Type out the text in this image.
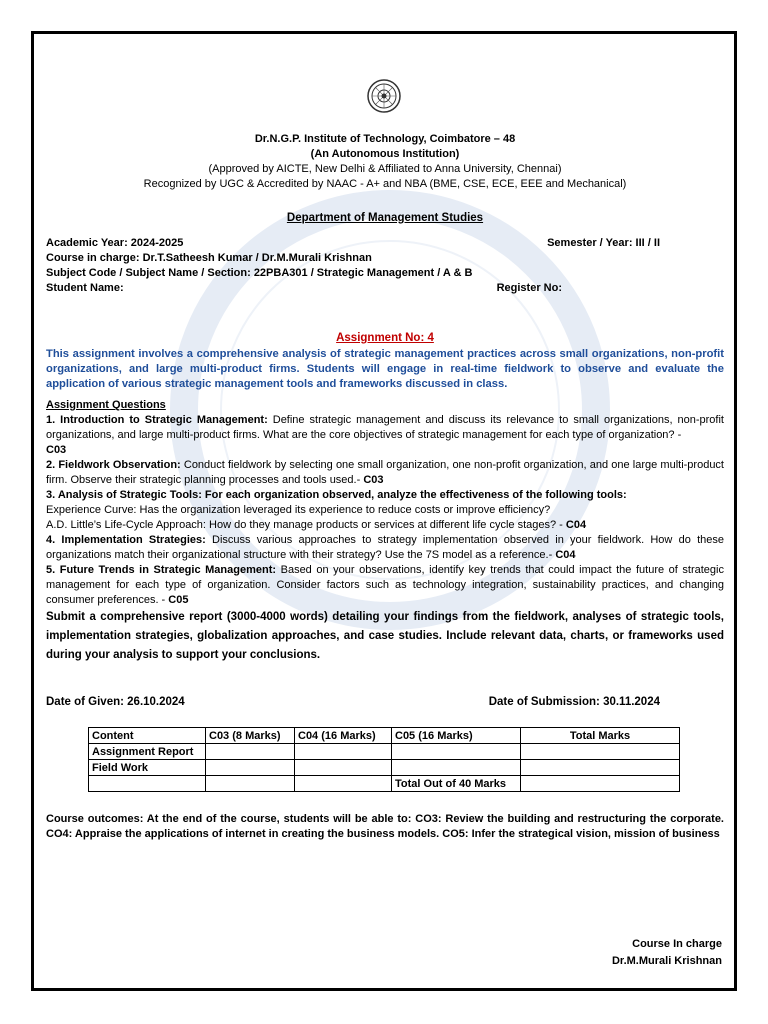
Dr.N.G.P. Institute of Technology, Coimbatore – 48
(An Autonomous Institution)
(Approved by AICTE, New Delhi & Affiliated to Anna University, Chennai)
Recognized by UGC & Accredited by NAAC - A+ and NBA (BME, CSE, ECE, EEE and Mechanical)
Department of Management Studies
Academic Year: 2024-2025	Semester / Year: III / II
Course in charge: Dr.T.Satheesh Kumar / Dr.M.Murali Krishnan
Subject Code / Subject Name / Section: 22PBA301 / Strategic Management / A & B
Student Name:	Register No:
Assignment No: 4
This assignment involves a comprehensive analysis of strategic management practices across small organizations, non-profit organizations, and large multi-product firms. Students will engage in real-time fieldwork to observe and evaluate the application of various strategic management tools and frameworks discussed in class.

Assignment Questions

1. Introduction to Strategic Management: Define strategic management and discuss its relevance to small organizations, non-profit organizations, and large multi-product firms. What are the core objectives of strategic management for each type of organization? -
C03

2. Fieldwork Observation: Conduct fieldwork by selecting one small organization, one non-profit organization, and one large multi-product firm. Observe their strategic planning processes and tools used.- C03

3. Analysis of Strategic Tools: For each organization observed, analyze the effectiveness of the following tools:

Experience Curve: Has the organization leveraged its experience to reduce costs or improve efficiency?

A.D. Little’s Life-Cycle Approach: How do they manage products or services at different life cycle stages? - C04

4. Implementation Strategies: Discuss various approaches to strategy implementation observed in your fieldwork. How do these organizations match their organizational structure with their strategy? Use the 7S model as a reference.- C04

5. Future Trends in Strategic Management: Based on your observations, identify key trends that could impact the future of strategic management for each type of organization. Consider factors such as technology integration, sustainability practices, and changing consumer preferences. - C05

Submit a comprehensive report (3000-4000 words) detailing your findings from the fieldwork, analyses of strategic tools, implementation strategies, globalization approaches, and case studies. Include relevant data, charts, or frameworks used during your analysis to support your conclusions.

Date of Given: 26.10.2024	Date of Submission: 30.11.2024
Content	C03 (8 Marks)	C04 (16 Marks)	C05 (16 Marks)	Total Marks
Assignment Report				
Field Work				
			Total Out of 40 Marks	
Course outcomes: At the end of the course, students will be able to: CO3: Review the building and restructuring the corporate. CO4: Appraise the applications of internet in creating the business models. CO5: Infer the strategical vision, mission of business
Course In charge
Dr.M.Murali Krishnan
